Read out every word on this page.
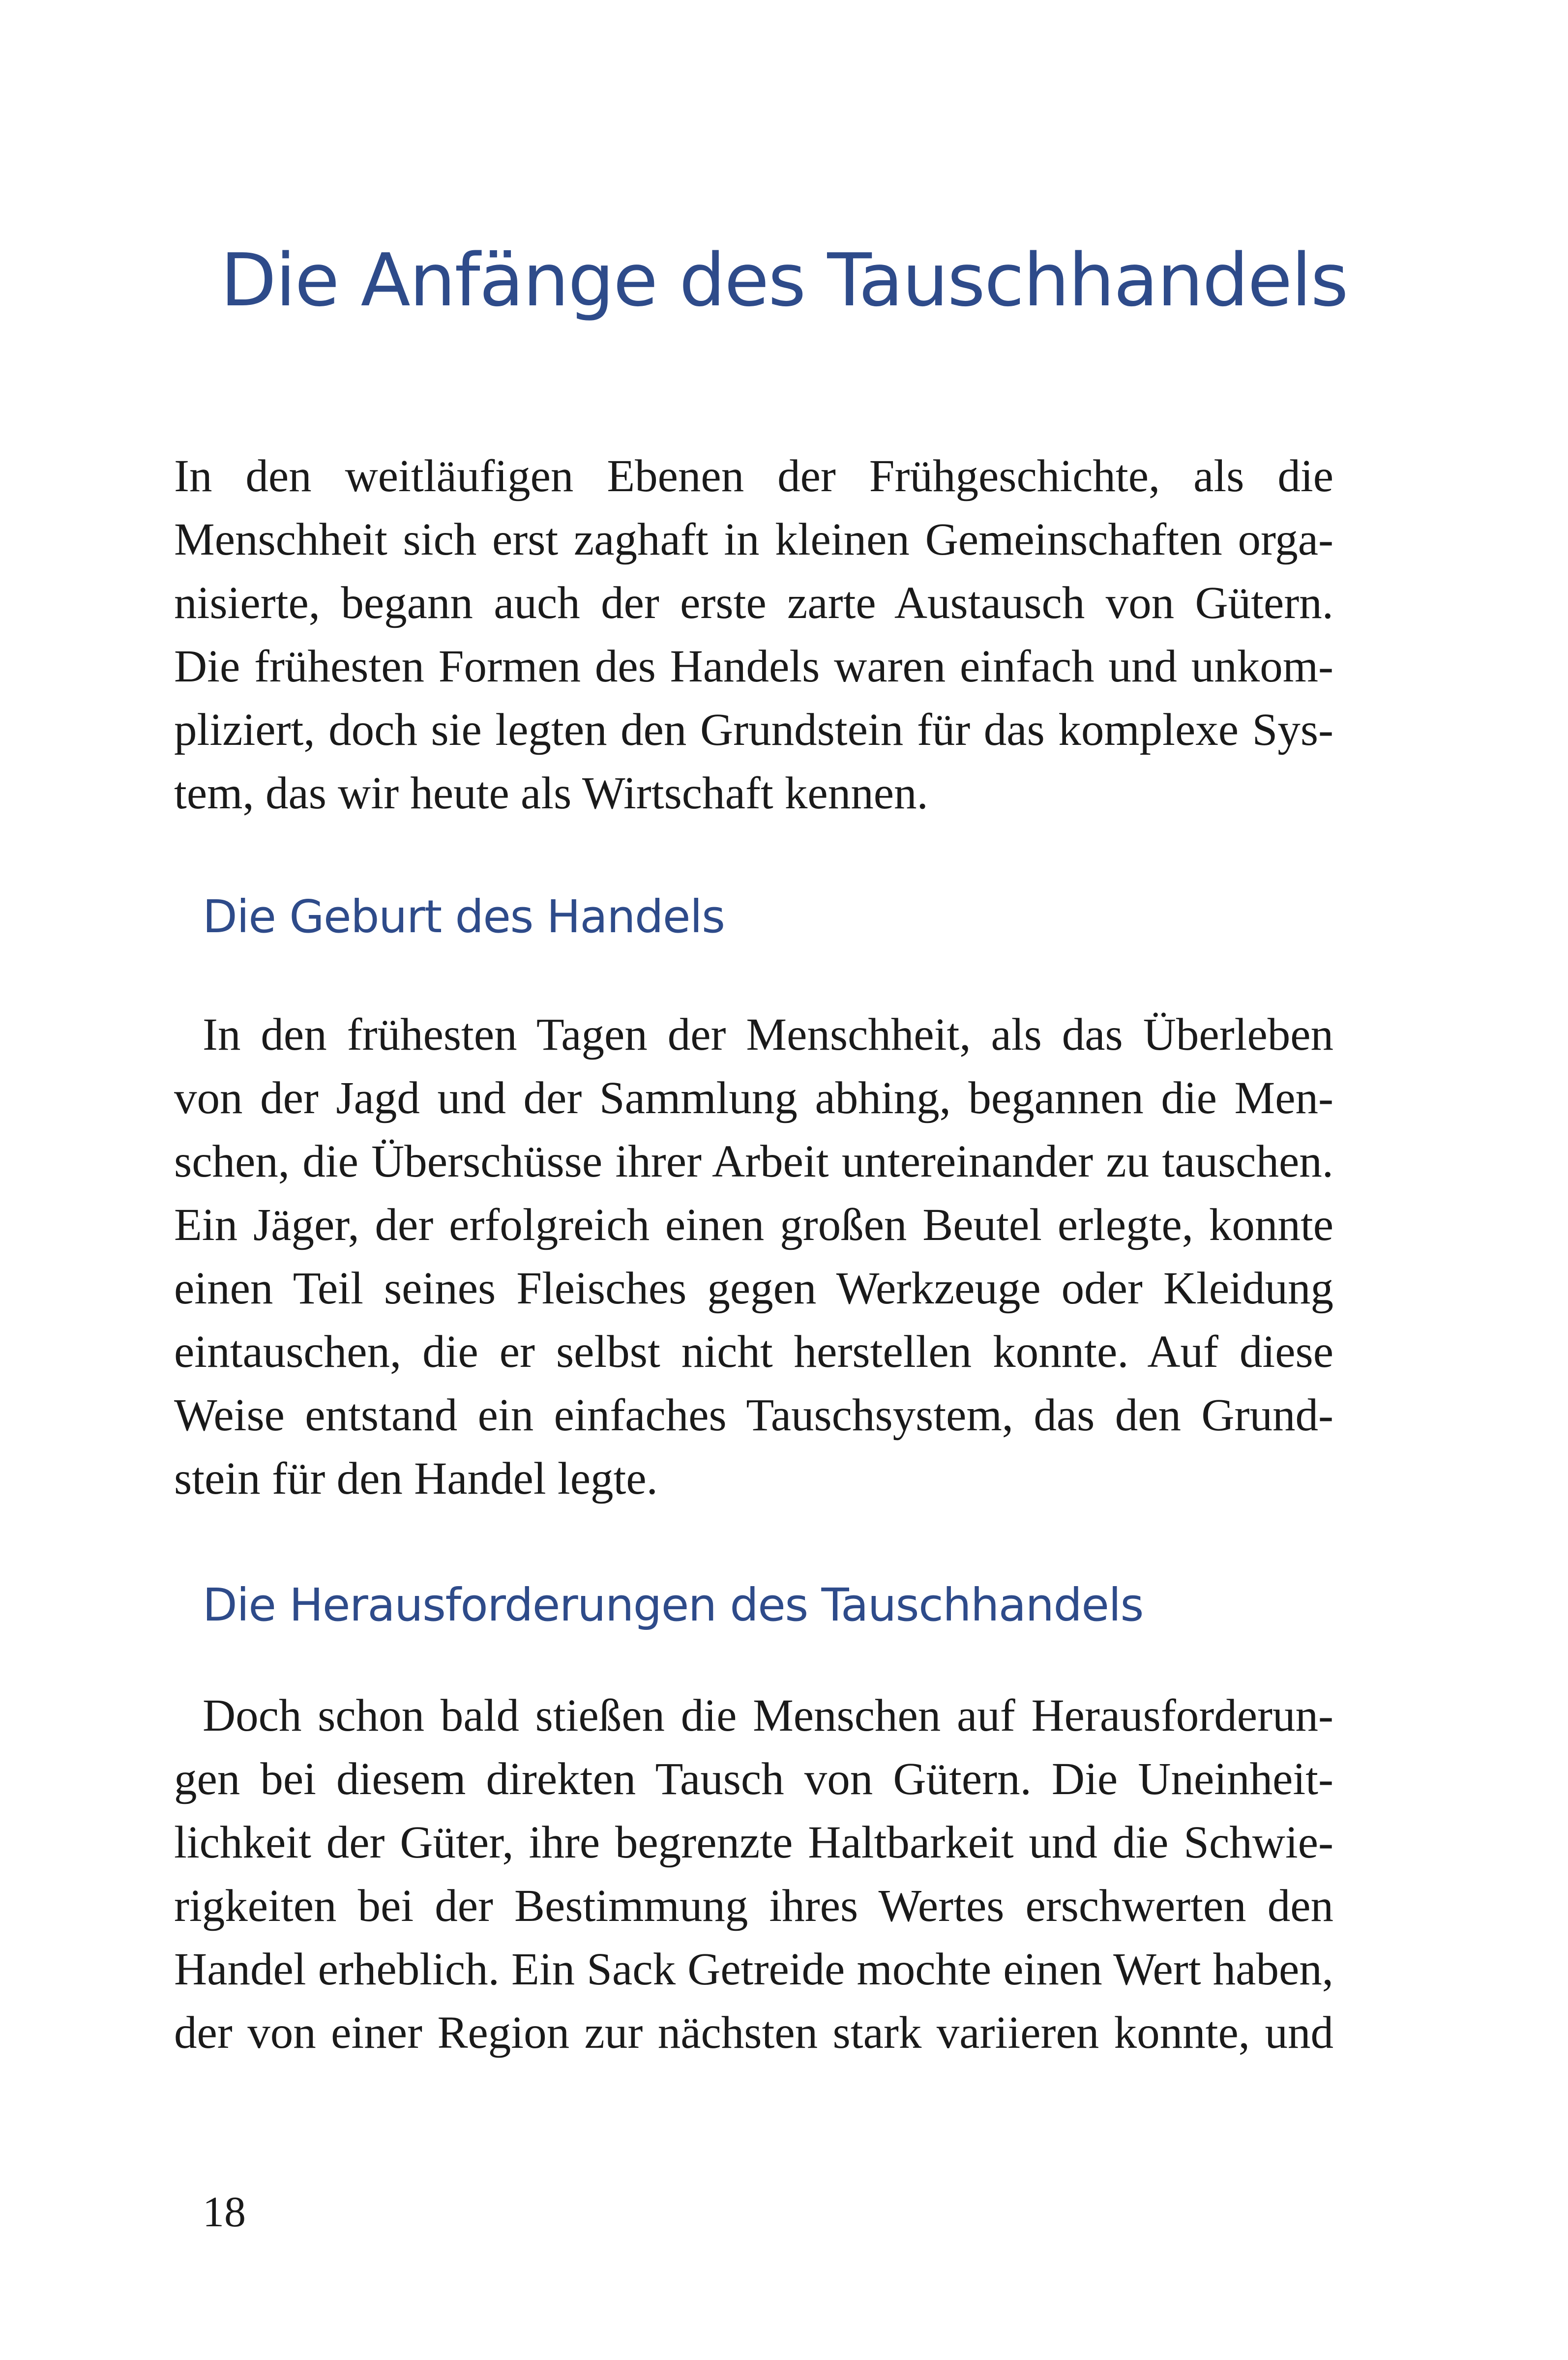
Die Anfänge des Tauschhandels
In den weitläufigen Ebenen der Frühgeschichte, als die
Menschheit sich erst zaghaft in kleinen Gemeinschaften orga-
nisierte, begann auch der erste zarte Austausch von Gütern.
Die frühesten Formen des Handels waren einfach und unkom-
pliziert, doch sie legten den Grundstein für das komplexe Sys-
tem, das wir heute als Wirtschaft kennen.
Die Geburt des Handels
In den frühesten Tagen der Menschheit, als das Überleben
von der Jagd und der Sammlung abhing, begannen die Men-
schen, die Überschüsse ihrer Arbeit untereinander zu tauschen.
Ein Jäger, der erfolgreich einen großen Beutel erlegte, konnte
einen Teil seines Fleisches gegen Werkzeuge oder Kleidung
eintauschen, die er selbst nicht herstellen konnte. Auf diese
Weise entstand ein einfaches Tauschsystem, das den Grund-
stein für den Handel legte.
Die Herausforderungen des Tauschhandels
Doch schon bald stießen die Menschen auf Herausforderun-
gen bei diesem direkten Tausch von Gütern. Die Uneinheit-
lichkeit der Güter, ihre begrenzte Haltbarkeit und die Schwie-
rigkeiten bei der Bestimmung ihres Wertes erschwerten den
Handel erheblich. Ein Sack Getreide mochte einen Wert haben,
der von einer Region zur nächsten stark variieren konnte, und
18
